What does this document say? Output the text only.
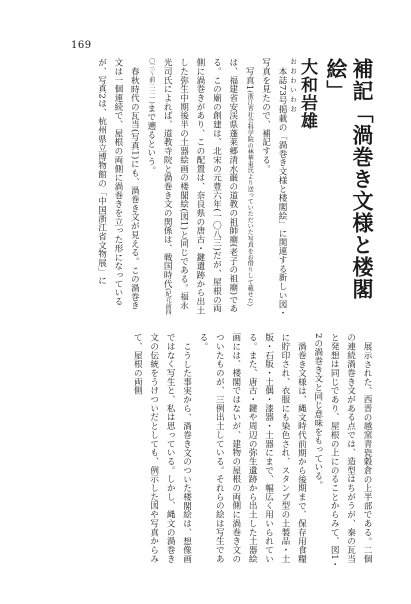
169
補記「渦巻き文様と楼閣絵」
おおわいわお 大和岩雄
本誌73号掲載の「渦巻き文様と楼閣絵」に関連する新しい図・写真を見たので、補記する。
写真1(浙江省社会科学院の林華東氏より送っていただいた写真をお借りして載せた)は、福建省安渓県蓬莱郷清水巌の道教の祖師廟(老子の祖廟)である。この廟の創建は、北宋の元豊六年(一〇八三)だが、屋根の両側に渦巻きがあり、この配置は、奈良県の唐古・鍵遺跡から出土した弥生中期後半の土器絵画の楼閣絵(図1)と同じである。福永光司氏によれば、道教寺院と渦巻き文の関係は、戦国時代(紀元前四〇三〜前二二一)まで遡るという。
春秋時代の瓦当(写真1)にも、渦巻き文が見える。この渦巻き文は一個連続で、屋根の両側に渦巻きを立った形になっているが、写真2は、杭州県立博物館の「中国浙江省文物展」に
展示された、西晋の越窯青瓷穀倉の上半部である。二個の連続渦巻き文がある点では、造型はちがうが、秦の瓦当と発想は同じであり、屋根の上にのることからみて、図1・2の渦巻き文と同じ意味をもっている。
渦巻き文様は、縄文時代前期から後期まで、保存用食糧に貯印され、衣服にも染色され、スタンプ型の土製品・土版・石版・土偶・漆器・土器にまで、幅広く用いられている。また、唐古・鍵や周辺の弥生遺跡から出土した土器絵画には、楼閣ではないが、建物の屋根の両側に渦巻き文のついたものが、三例出土している。それらの絵は写生である。
こうした事実から、渦巻き文のついた楼閣絵は、想像画ではなく写生と、私は思っている。しかし、縄文の渦巻き文の伝統をうけついだとしても、例示した図や写真からみて、屋根の両側
